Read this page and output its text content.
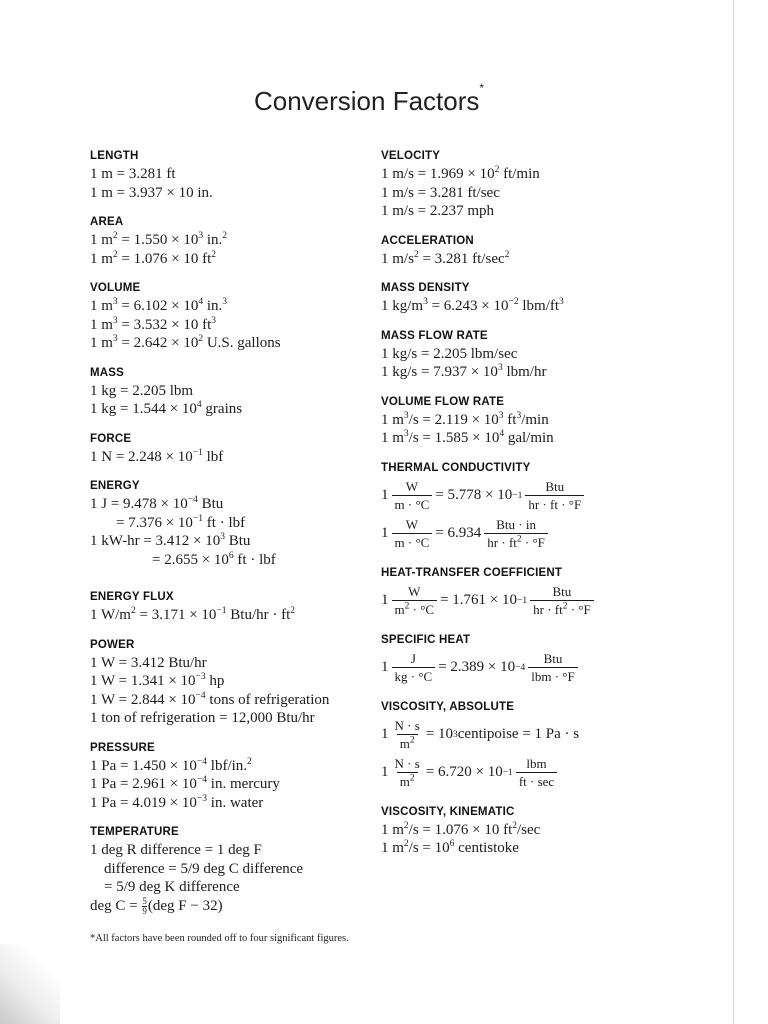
Conversion Factors*
LENGTH
1 m = 3.281 ft
1 m = 3.937 × 10 in.
AREA
1 $m^2 = 1.550 \times 10^3$ in.$^2$
1 $m^2 = 1.076 \times 10$ $ft^2$
VOLUME
1 $m^3 = 6.102 \times 10^4$ in.$^3$
1 $m^3 = 3.532 \times 10$ $ft^3$
1 $m^3 = 2.642 \times 10^2$ U.S. gallons
MASS
1 kg = 2.205 lbm
1 kg = $1.544 \times 10^4$ grains
FORCE
1 $N = 2.248 \times 10^{-1}$ lbf
ENERGY
1 $J = 9.478 \times 10^{-4}$ Btu
= $7.376 \times 10^{-1}$ ft · lbf
1 $kW-hr = 3.412 \times 10^3$ Btu
= $2.655 \times 10^6$ ft · lbf
ENERGY FLUX
1 $W/m^2 = 3.171 \times 10^{-1}$ $Btu/hr \cdot ft^2$
POWER
1 W = 3.412 Btu/hr
1 $W = 1.341 \times 10^{-3}$ hp
1 $W = 2.844 \times 10^{-4}$ tons of refrigeration
1 ton of refrigeration = 12,000 Btu/hr
PRESSURE
1 $Pa = 1.450 \times 10^{-4}$ lbf/in.$^2$
1 $Pa = 2.961 \times 10^{-4}$ in. mercury
1 $Pa = 4.019 \times 10^{-3}$ in. water
TEMPERATURE
1 deg R difference = 1 deg F
difference = 5/9 deg C difference
= 5/9 deg K difference
deg $C = \frac{5}{9} (deg$ F − 32)
VELOCITY
1 $m/s = 1.969 \times 10^2$ ft/min
1 m/s = 3.281 ft/sec
1 m/s = 2.237 mph
ACCELERATION
1 $m/s^2 = 3.281$ $ft/\sec^2$
MASS DENSITY
1 $kg/m^3 = 6.243 \times 10^{-2}$ lbm/$ft^3$
MASS FLOW RATE
1 kg/s = 2.205 lbm/sec
1 $kg/s = 7.937 \times 10^3$ lbm/hr
VOLUME FLOW RATE
1 $m^3/s = 2.119 \times 10^3$ $ft^3/\min$
1 $m^3/s = 1.585 \times 10^4$ gal/min
THERMAL CONDUCTIVITY
$1 \frac{W}{m \cdot ^\circ C} = 5.778 \times 10 -1 \frac{\text{Btu}}{hr \cdot ft \cdot ^\circ F}$
$1 \frac{W}{m \cdot ^\circ C} = 6.934 \frac{\text{Btu · in}}{hr \cdot ft^2 \cdot ^\circ F}$
HEAT-TRANSFER COEFFICIENT
$1 \frac{W}{m^2 \cdot ^\circ C} = 1.761 \times 10 -1 \frac{\text{Btu}}{hr \cdot ft^2 \cdot ^\circ F}$
SPECIFIC HEAT
$1 \frac{J}{kg \cdot ^\circ C} = 2.389 \times 10 -4 \frac{\text{Btu}}{\text{lbm · °F}}$
VISCOSITY, ABSOLUTE
$1 \frac{N \cdot s}{m^2} = 10$ 3 centipoise = 1 Pa · s
$1 \frac{N \cdot s}{m^2} = 6.720 \times 10 -1 \frac{\text{lbm}}{ft \cdot \sec}$
VISCOSITY, KINEMATIC
1 $m^2/s = 1.076 \times 10$ $ft^2/\sec$
1 $m^2/s = 10^6$ centistoke
*All factors have been rounded off to four significant figures.
